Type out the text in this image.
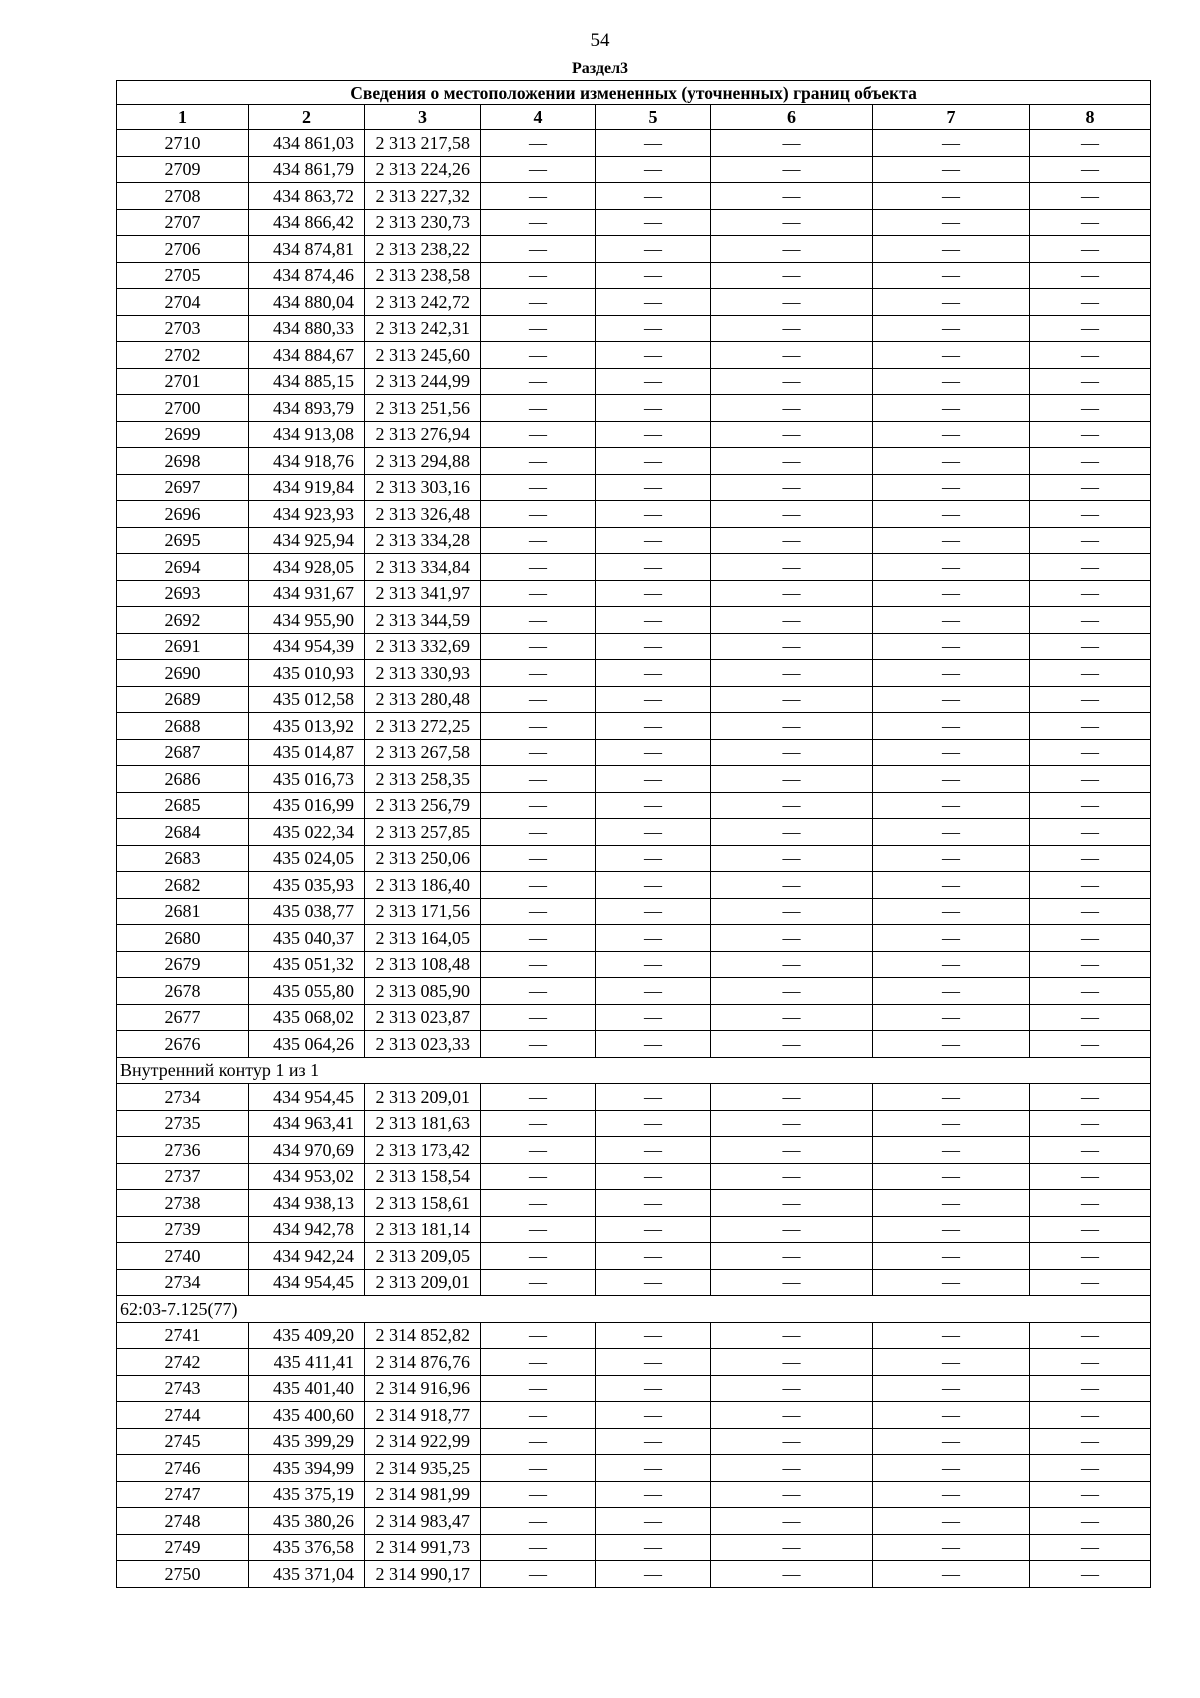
54
Раздел3
Сведения о местоположении измененных (уточненных) границ объекта							
1	2	3	4	5	6	7	8
2710	434 861,03	2 313 217,58	—	—	—	—	—
2709	434 861,79	2 313 224,26	—	—	—	—	—
2708	434 863,72	2 313 227,32	—	—	—	—	—
2707	434 866,42	2 313 230,73	—	—	—	—	—
2706	434 874,81	2 313 238,22	—	—	—	—	—
2705	434 874,46	2 313 238,58	—	—	—	—	—
2704	434 880,04	2 313 242,72	—	—	—	—	—
2703	434 880,33	2 313 242,31	—	—	—	—	—
2702	434 884,67	2 313 245,60	—	—	—	—	—
2701	434 885,15	2 313 244,99	—	—	—	—	—
2700	434 893,79	2 313 251,56	—	—	—	—	—
2699	434 913,08	2 313 276,94	—	—	—	—	—
2698	434 918,76	2 313 294,88	—	—	—	—	—
2697	434 919,84	2 313 303,16	—	—	—	—	—
2696	434 923,93	2 313 326,48	—	—	—	—	—
2695	434 925,94	2 313 334,28	—	—	—	—	—
2694	434 928,05	2 313 334,84	—	—	—	—	—
2693	434 931,67	2 313 341,97	—	—	—	—	—
2692	434 955,90	2 313 344,59	—	—	—	—	—
2691	434 954,39	2 313 332,69	—	—	—	—	—
2690	435 010,93	2 313 330,93	—	—	—	—	—
2689	435 012,58	2 313 280,48	—	—	—	—	—
2688	435 013,92	2 313 272,25	—	—	—	—	—
2687	435 014,87	2 313 267,58	—	—	—	—	—
2686	435 016,73	2 313 258,35	—	—	—	—	—
2685	435 016,99	2 313 256,79	—	—	—	—	—
2684	435 022,34	2 313 257,85	—	—	—	—	—
2683	435 024,05	2 313 250,06	—	—	—	—	—
2682	435 035,93	2 313 186,40	—	—	—	—	—
2681	435 038,77	2 313 171,56	—	—	—	—	—
2680	435 040,37	2 313 164,05	—	—	—	—	—
2679	435 051,32	2 313 108,48	—	—	—	—	—
2678	435 055,80	2 313 085,90	—	—	—	—	—
2677	435 068,02	2 313 023,87	—	—	—	—	—
2676	435 064,26	2 313 023,33	—	—	—	—	—
Внутренний контур 1 из 1							
2734	434 954,45	2 313 209,01	—	—	—	—	—
2735	434 963,41	2 313 181,63	—	—	—	—	—
2736	434 970,69	2 313 173,42	—	—	—	—	—
2737	434 953,02	2 313 158,54	—	—	—	—	—
2738	434 938,13	2 313 158,61	—	—	—	—	—
2739	434 942,78	2 313 181,14	—	—	—	—	—
2740	434 942,24	2 313 209,05	—	—	—	—	—
2734	434 954,45	2 313 209,01	—	—	—	—	—
62:03-7.125(77)							
2741	435 409,20	2 314 852,82	—	—	—	—	—
2742	435 411,41	2 314 876,76	—	—	—	—	—
2743	435 401,40	2 314 916,96	—	—	—	—	—
2744	435 400,60	2 314 918,77	—	—	—	—	—
2745	435 399,29	2 314 922,99	—	—	—	—	—
2746	435 394,99	2 314 935,25	—	—	—	—	—
2747	435 375,19	2 314 981,99	—	—	—	—	—
2748	435 380,26	2 314 983,47	—	—	—	—	—
2749	435 376,58	2 314 991,73	—	—	—	—	—
2750	435 371,04	2 314 990,17	—	—	—	—	—
